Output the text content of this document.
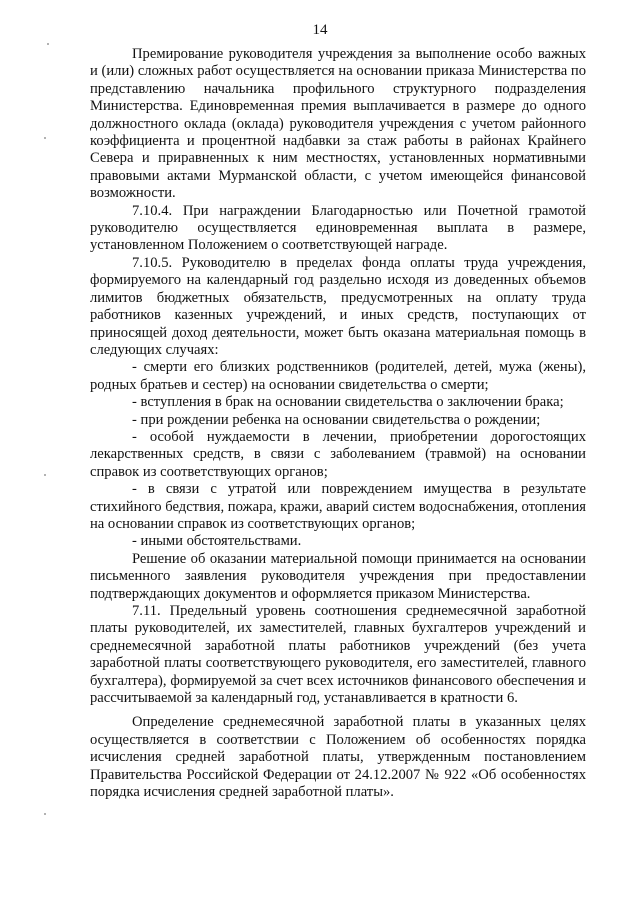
14

Премирование руководителя учреждения за выполнение особо важных и (или) сложных работ осуществляется на основании приказа Министерства по представлению начальника профильного структурного подразделения Министерства. Единовременная премия выплачивается в размере до одного должностного оклада (оклада) руководителя учреждения с учетом районного коэффициента и процентной надбавки за стаж работы в районах Крайнего Севера и приравненных к ним местностях, установленных нормативными правовыми актами Мурманской области, с учетом имеющейся финансовой возможности.

7.10.4. При награждении Благодарностью или Почетной грамотой руководителю осуществляется единовременная выплата в размере, установленном Положением о соответствующей награде.

7.10.5. Руководителю в пределах фонда оплаты труда учреждения, формируемого на календарный год раздельно исходя из доведенных объемов лимитов бюджетных обязательств, предусмотренных на оплату труда работников казенных учреждений, и иных средств, поступающих от приносящей доход деятельности, может быть оказана материальная помощь в следующих случаях:

- смерти его близких родственников (родителей, детей, мужа (жены), родных братьев и сестер) на основании свидетельства о смерти;

- вступления в брак на основании свидетельства о заключении брака;

- при рождении ребенка на основании свидетельства о рождении;

- особой нуждаемости в лечении, приобретении дорогостоящих лекарственных средств, в связи с заболеванием (травмой) на основании справок из соответствующих органов;

- в связи с утратой или повреждением имущества в результате стихийного бедствия, пожара, кражи, аварий систем водоснабжения, отопления на основании справок из соответствующих органов;

- иными обстоятельствами.

Решение об оказании материальной помощи принимается на основании письменного заявления руководителя учреждения при предоставлении подтверждающих документов и оформляется приказом Министерства.

7.11. Предельный уровень соотношения среднемесячной заработной платы руководителей, их заместителей, главных бухгалтеров учреждений и среднемесячной заработной платы работников учреждений (без учета заработной платы соответствующего руководителя, его заместителей, главного бухгалтера), формируемой за счет всех источников финансового обеспечения и рассчитываемой за календарный год, устанавливается в кратности 6.

Определение среднемесячной заработной платы в указанных целях осуществляется в соответствии с Положением об особенностях порядка исчисления средней заработной платы, утвержденным постановлением Правительства Российской Федерации от 24.12.2007 № 922 «Об особенностях порядка исчисления средней заработной платы».
